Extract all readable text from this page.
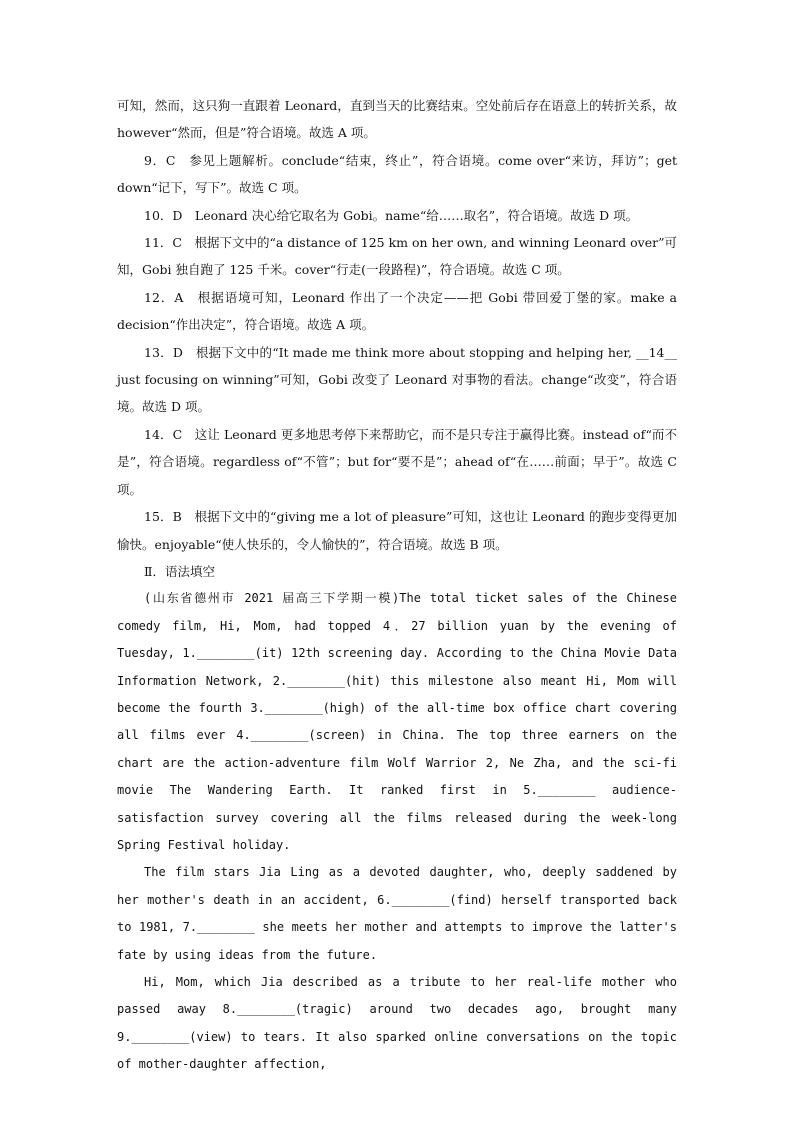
可知，然而，这只狗一直跟着 Leonard，直到当天的比赛结束。空处前后存在语意上的转折关系，故 however“然而，但是”符合语境。故选 A 项。

9．C　参见上题解析。conclude“结束，终止”，符合语境。come over“来访，拜访”；get down“记下，写下”。故选 C 项。

10．D　Leonard 决心给它取名为 Gobi。name“给……取名”，符合语境。故选 D 项。

11．C　根据下文中的“a distance of 125 km on her own, and winning Leonard over”可知，Gobi 独自跑了 125 千米。cover“行走(一段路程)”，符合语境。故选 C 项。

12．A　根据语境可知，Leonard 作出了一个决定——把 Gobi 带回爱丁堡的家。make a decision“作出决定”，符合语境。故选 A 项。

13．D　根据下文中的“It made me think more about stopping and helping her, __14__ just focusing on winning”可知，Gobi 改变了 Leonard 对事物的看法。change“改变”，符合语境。故选 D 项。

14．C　这让 Leonard 更多地思考停下来帮助它，而不是只专注于赢得比赛。instead of“而不是”，符合语境。regardless of“不管”；but for“要不是”；ahead of“在……前面；早于”。故选 C 项。

15．B　根据下文中的“giving me a lot of pleasure”可知，这也让 Leonard 的跑步变得更加愉快。enjoyable“使人快乐的，令人愉快的”，符合语境。故选 B 项。

Ⅱ．语法填空

(山东省德州市 2021 届高三下学期一模)The total ticket sales of the Chinese comedy film, Hi, Mom, had topped 4．27 billion yuan by the evening of Tuesday, 1.________(it) 12th screening day. According to the China Movie Data Information Network, 2.________(hit) this milestone also meant Hi, Mom will become the fourth 3.________(high) of the all-time box office chart covering all films ever 4.________(screen) in China. The top three earners on the chart are the action-adventure film Wolf Warrior 2, Ne Zha, and the sci-fi movie The Wandering Earth. It ranked first in 5.________ audience-satisfaction survey covering all the films released during the week-long Spring Festival holiday.

The film stars Jia Ling as a devoted daughter, who, deeply saddened by her mother's death in an accident, 6.________(find) herself transported back to 1981, 7.________ she meets her mother and attempts to improve the latter's fate by using ideas from the future.

Hi, Mom, which Jia described as a tribute to her real-life mother who passed away 8.________(tragic) around two decades ago, brought many 9.________(view) to tears. It also sparked online conversations on the topic of mother-daughter affection,
